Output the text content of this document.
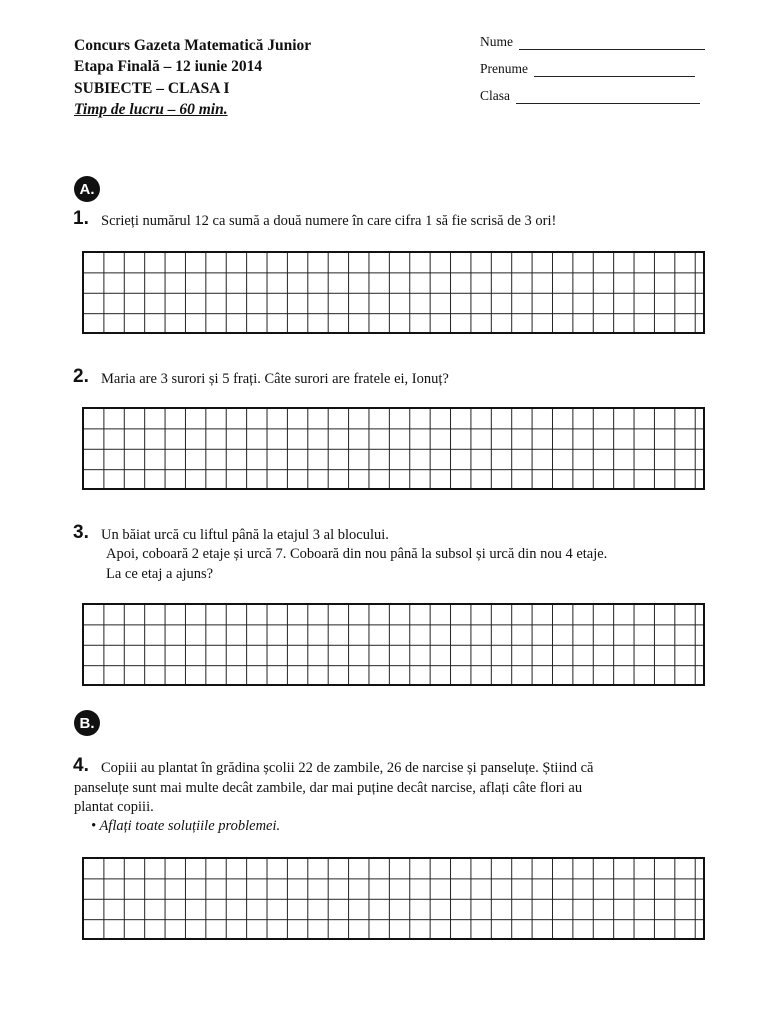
Concurs Gazeta Matematică Junior
Etapa Finală – 12 iunie 2014
SUBIECTE – CLASA I
Timp de lucru – 60 min.
Nume
Prenume
Clasa
A.
1. Scrieți numărul 12 ca sumă a două numere în care cifra 1 să fie scrisă de 3 ori!
2. Maria are 3 surori și 5 frați. Câte surori are fratele ei, Ionuț?
3. Un băiat urcă cu liftul până la etajul 3 al blocului.
Apoi, coboară 2 etaje și urcă 7. Coboară din nou până la subsol și urcă din nou 4 etaje.
La ce etaj a ajuns?
B.
4. Copiii au plantat în grădina școlii 22 de zambile, 26 de narcise și panseluțe. Știind că
panseluțe sunt mai multe decât zambile, dar mai puține decât narcise, aflați câte flori au
plantat copiii.
• Aflați toate soluțiile problemei.
